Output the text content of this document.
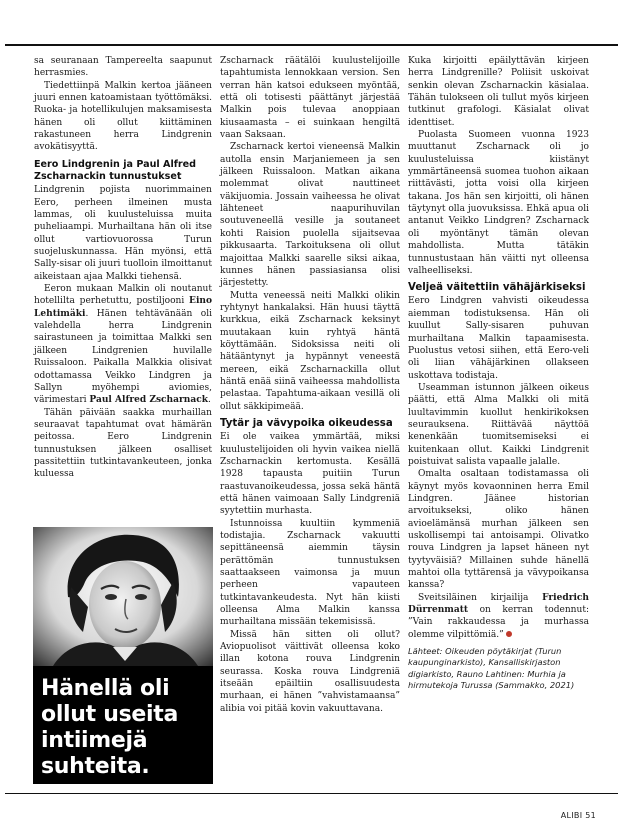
sa seuranaan Tampereelta saapunut herrasmies.

Tiedettiinpä Malkin kertoa jääneen juuri ennen katoamistaan työttömäksi. Ruoka- ja hotellikulujen maksamisesta hänen oli ollut kiittäminen rakastuneen herra Lindgrenin avokätisyyttä.

Eero Lindgrenin ja Paul Alfred Zscharnackin tunnustukset

Lindgrenin pojista nuorimmainen Eero, perheen ilmeinen musta lammas, oli kuulusteluissa muita puheliaampi. Murhailtana hän oli itse ollut vartiovuorossa Turun suojeluskunnassa. Hän myönsi, että Sally-sisar oli juuri tuolloin ilmoittanut aikeistaan ajaa Malkki tiehensä.

Eeron mukaan Malkin oli noutanut hotellilta perhetuttu, postiljooni Eino Lehtimäki. Hänen tehtävänään oli valehdella herra Lindgrenin sairastuneen ja toimittaa Malkki sen jälkeen Lindgrenien huvilalle Ruissaloon. Paikalla Malkkia olisivat odottamassa Veikko Lindgren ja Sallyn myöhempi aviomies, värimestari Paul Alfred Zscharnack.

Tähän päivään saakka murhaillan seuraavat tapahtumat ovat hämärän peitossa. Eero Lindgrenin tunnustuksen jälkeen osalliset passitettiin tutkintavankeuteen, jonka kuluessa

Hänellä oli ollut useita intiimejä suhteita.

Zscharnack räätälöi kuulustelijoille tapahtumista lennokkaan version. Sen verran hän katsoi edukseen myöntää, että oli totisesti päättänyt järjestää Malkin pois tulevaa anoppiaan kiusaamasta – ei suinkaan hengiltä vaan Saksaan.

Zscharnack kertoi vieneensä Malkin autolla ensin Marjaniemeen ja sen jälkeen Ruissaloon. Matkan aikana molemmat olivat nauttineet väkijuomia. Jossain vaiheessa he olivat lähteneet naapurihuvilan soutuveneellä vesille ja soutaneet kohti Raision puolella sijaitsevaa pikkusaarta. Tarkoituksena oli ollut majoittaa Malkki saarelle siksi aikaa, kunnes hänen passiasiansa olisi järjestetty.

Mutta veneessä neiti Malkki olikin ryhtynyt hankalaksi. Hän huusi täyttä kurkkua, eikä Zscharnack keksinyt muutakaan kuin ryhtyä häntä köyttämään. Sidoksissa neiti oli hätääntynyt ja hypännyt veneestä mereen, eikä Zscharnackilla ollut häntä enää siinä vaiheessa mahdollista pelastaa. Tapahtuma-aikaan vesillä oli ollut säkkipimeää.

Tytär ja vävypoika oikeudessa

Ei ole vaikea ymmärtää, miksi kuulustelijoiden oli hyvin vaikea niellä Zscharnackin kertomusta. Kesällä 1928 tapausta puitiin Turun raastuvanoikeudessa, jossa sekä häntä että hänen vaimoaan Sally Lindgreniä syytettiin murhasta.

Istunnoissa kuultiin kymmeniä todistajia. Zscharnack vakuutti sepittäneensä aiemmin täysin perättömän tunnustuksen saattaakseen vaimonsa ja muun perheen vapauteen tutkintavankeudesta. Nyt hän kiisti olleensa Alma Malkin kanssa murhailtana missään tekemisissä.

Missä hän sitten oli ollut? Aviopuolisot väittivät olleensa koko illan kotona rouva Lindgrenin seurassa. Koska rouva Lindgreniä itseään epäiltiin osallisuudesta murhaan, ei hänen ”vahvistamaansa” alibia voi pitää kovin vakuuttavana.

Kuka kirjoitti epäilyttävän kirjeen herra Lindgrenille? Poliisit uskoivat senkin olevan Zscharnackin käsialaa. Tähän tulokseen oli tullut myös kirjeen tutkinut grafologi. Käsialat olivat identtiset.

Puolasta Suomeen vuonna 1923 muuttanut Zscharnack oli jo kuulusteluissa kiistänyt ymmärtäneensä suomea tuohon aikaan riittävästi, jotta voisi olla kirjeen takana. Jos hän sen kirjoitti, oli hänen täytynyt olla juovuksissa. Ehkä apua oli antanut Veikko Lindgren? Zscharnack oli myöntänyt tämän olevan mahdollista. Mutta tätäkin tunnustustaan hän väitti nyt olleensa valheelliseksi.

Veljeä väitettiin vähäjärkiseksi

Eero Lindgren vahvisti oikeudessa aiemman todistuksensa. Hän oli kuullut Sally-sisaren puhuvan murhailtana Malkin tapaamisesta. Puolustus vetosi siihen, että Eero-veli oli liian vähäjärkinen ollakseen uskottava todistaja.

Useamman istunnon jälkeen oikeus päätti, että Alma Malkki oli mitä luultavimmin kuollut henkirikoksen seurauksena. Riittävää näyttöä kenenkään tuomitsemiseksi ei kuitenkaan ollut. Kaikki Lindgrenit poistuivat salista vapaalle jalalle.

Omalta osaltaan todistamassa oli käynyt myös kovaonninen herra Emil Lindgren. Jäänee historian arvoitukseksi, oliko hänen avioelämänsä murhan jälkeen sen uskollisempi tai antoisampi. Olivatko rouva Lindgren ja lapset häneen nyt tyytyväisiä? Millainen suhde hänellä mahtoi olla tyttärensä ja vävypoikansa kanssa?

Sveitsiläinen kirjailija Friedrich Dürrenmatt on kerran todennut: ”Vain rakkaudessa ja murhassa olemme vilpittömiä.”

Lähteet: Oikeuden pöytäkirjat (Turun kaupunginarkisto), Kansalliskirjaston digiarkisto, Rauno Lahtinen: Murhia ja hirmutekoja Turussa (Sammakko, 2021)

ALIBI 51
